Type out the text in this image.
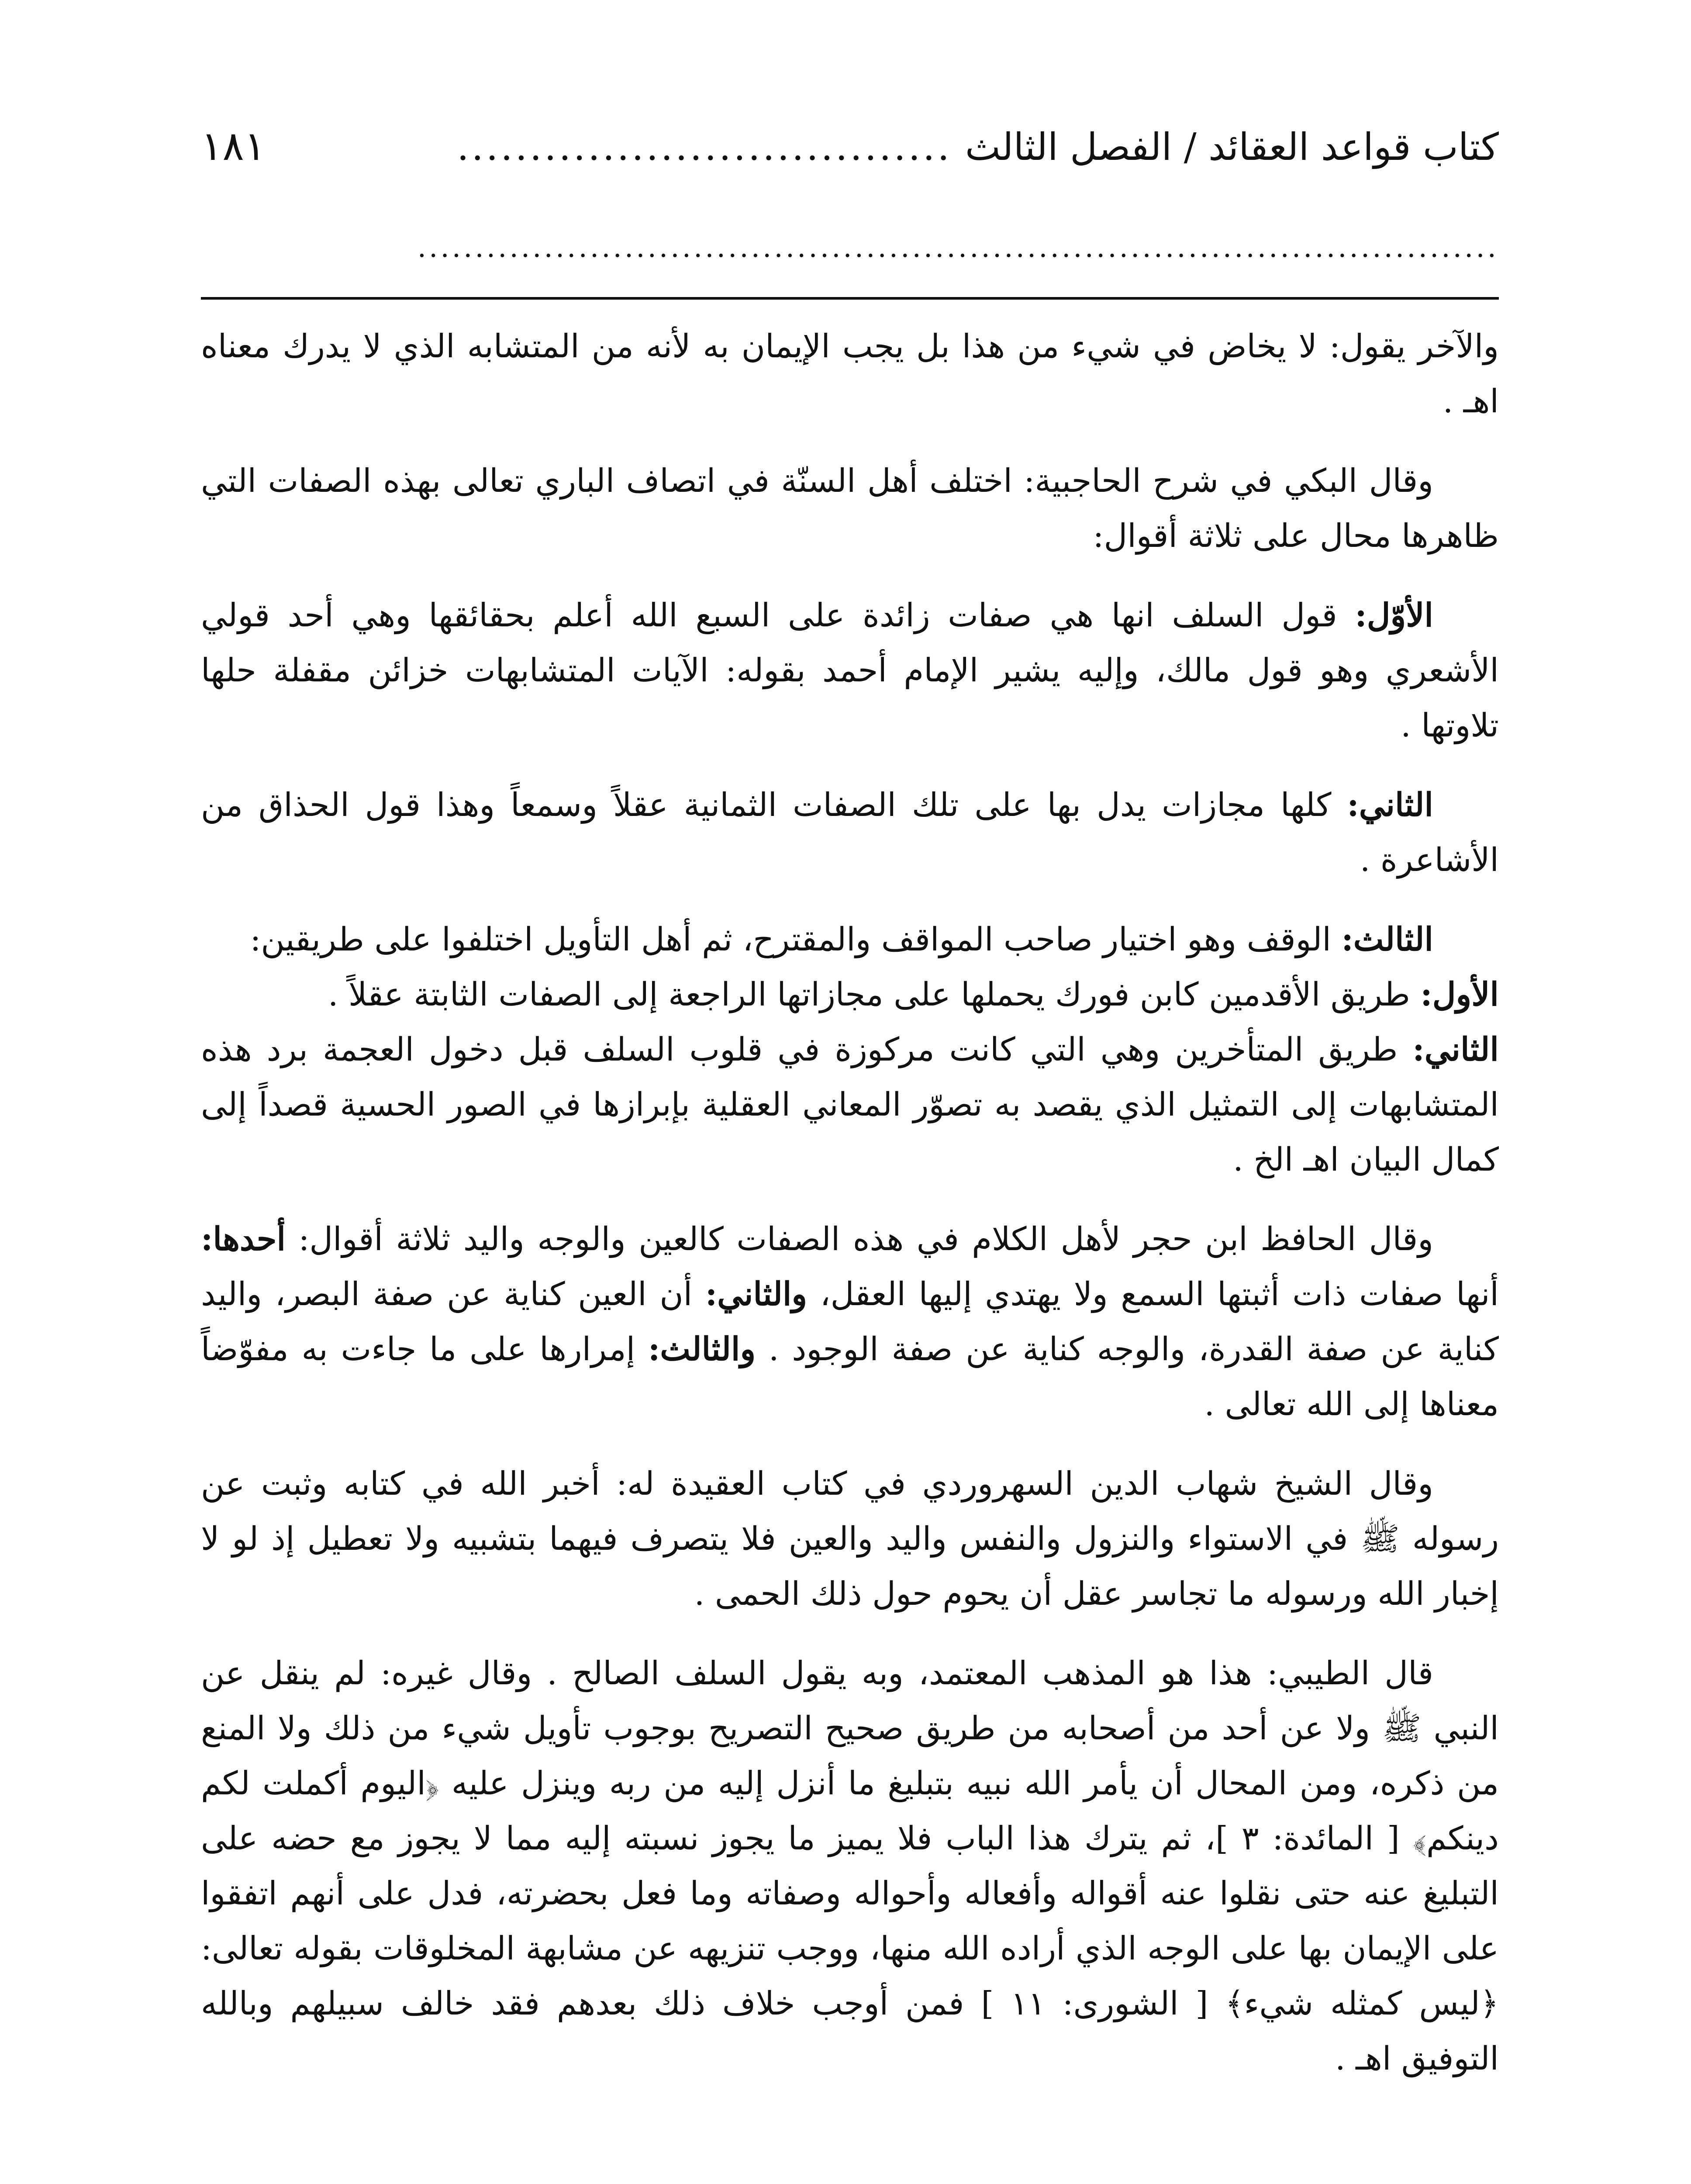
كتاب قواعد العقائد / الفصل الثالث
..................................
١٨١
..............................................................................................

والآخر يقول: لا يخاض في شيء من هذا بل يجب الإيمان به لأنه من المتشابه الذي لا يدرك معناه اهـ .

وقال البكي في شرح الحاجبية: اختلف أهل السنّة في اتصاف الباري تعالى بهذه الصفات التي ظاهرها محال على ثلاثة أقوال:

الأوّل: قول السلف انها هي صفات زائدة على السبع الله أعلم بحقائقها وهي أحد قولي الأشعري وهو قول مالك، وإليه يشير الإمام أحمد بقوله: الآيات المتشابهات خزائن مقفلة حلها تلاوتها .

الثاني: كلها مجازات يدل بها على تلك الصفات الثمانية عقلاً وسمعاً وهذا قول الحذاق من الأشاعرة .

الثالث: الوقف وهو اختيار صاحب المواقف والمقترح، ثم أهل التأويل اختلفوا على طريقين:

الأول: طريق الأقدمين كابن فورك يحملها على مجازاتها الراجعة إلى الصفات الثابتة عقلاً .

الثاني: طريق المتأخرين وهي التي كانت مركوزة في قلوب السلف قبل دخول العجمة برد هذه المتشابهات إلى التمثيل الذي يقصد به تصوّر المعاني العقلية بإبرازها في الصور الحسية قصداً إلى كمال البيان اهـ الخ .

وقال الحافظ ابن حجر لأهل الكلام في هذه الصفات كالعين والوجه واليد ثلاثة أقوال: أحدها: أنها صفات ذات أثبتها السمع ولا يهتدي إليها العقل، والثاني: أن العين كناية عن صفة البصر، واليد كناية عن صفة القدرة، والوجه كناية عن صفة الوجود . والثالث: إمرارها على ما جاءت به مفوّضاً معناها إلى الله تعالى .

وقال الشيخ شهاب الدين السهروردي في كتاب العقيدة له: أخبر الله في كتابه وثبت عن رسوله ﷺ في الاستواء والنزول والنفس واليد والعين فلا يتصرف فيهما بتشبيه ولا تعطيل إذ لو لا إخبار الله ورسوله ما تجاسر عقل أن يحوم حول ذلك الحمى .

قال الطيبي: هذا هو المذهب المعتمد، وبه يقول السلف الصالح . وقال غيره: لم ينقل عن النبي ﷺ ولا عن أحد من أصحابه من طريق صحيح التصريح بوجوب تأويل شيء من ذلك ولا المنع من ذكره، ومن المحال أن يأمر الله نبيه بتبليغ ما أنزل إليه من ربه وينزل عليه ﴿اليوم أكملت لكم دينكم﴾ [ المائدة: ٣ ]، ثم يترك هذا الباب فلا يميز ما يجوز نسبته إليه مما لا يجوز مع حضه على التبليغ عنه حتى نقلوا عنه أقواله وأفعاله وأحواله وصفاته وما فعل بحضرته، فدل على أنهم اتفقوا على الإيمان بها على الوجه الذي أراده الله منها، ووجب تنزيهه عن مشابهة المخلوقات بقوله تعالى: ﴿ليس كمثله شيء﴾ [ الشورى: ١١ ] فمن أوجب خلاف ذلك بعدهم فقد خالف سبيلهم وبالله التوفيق اهـ .
